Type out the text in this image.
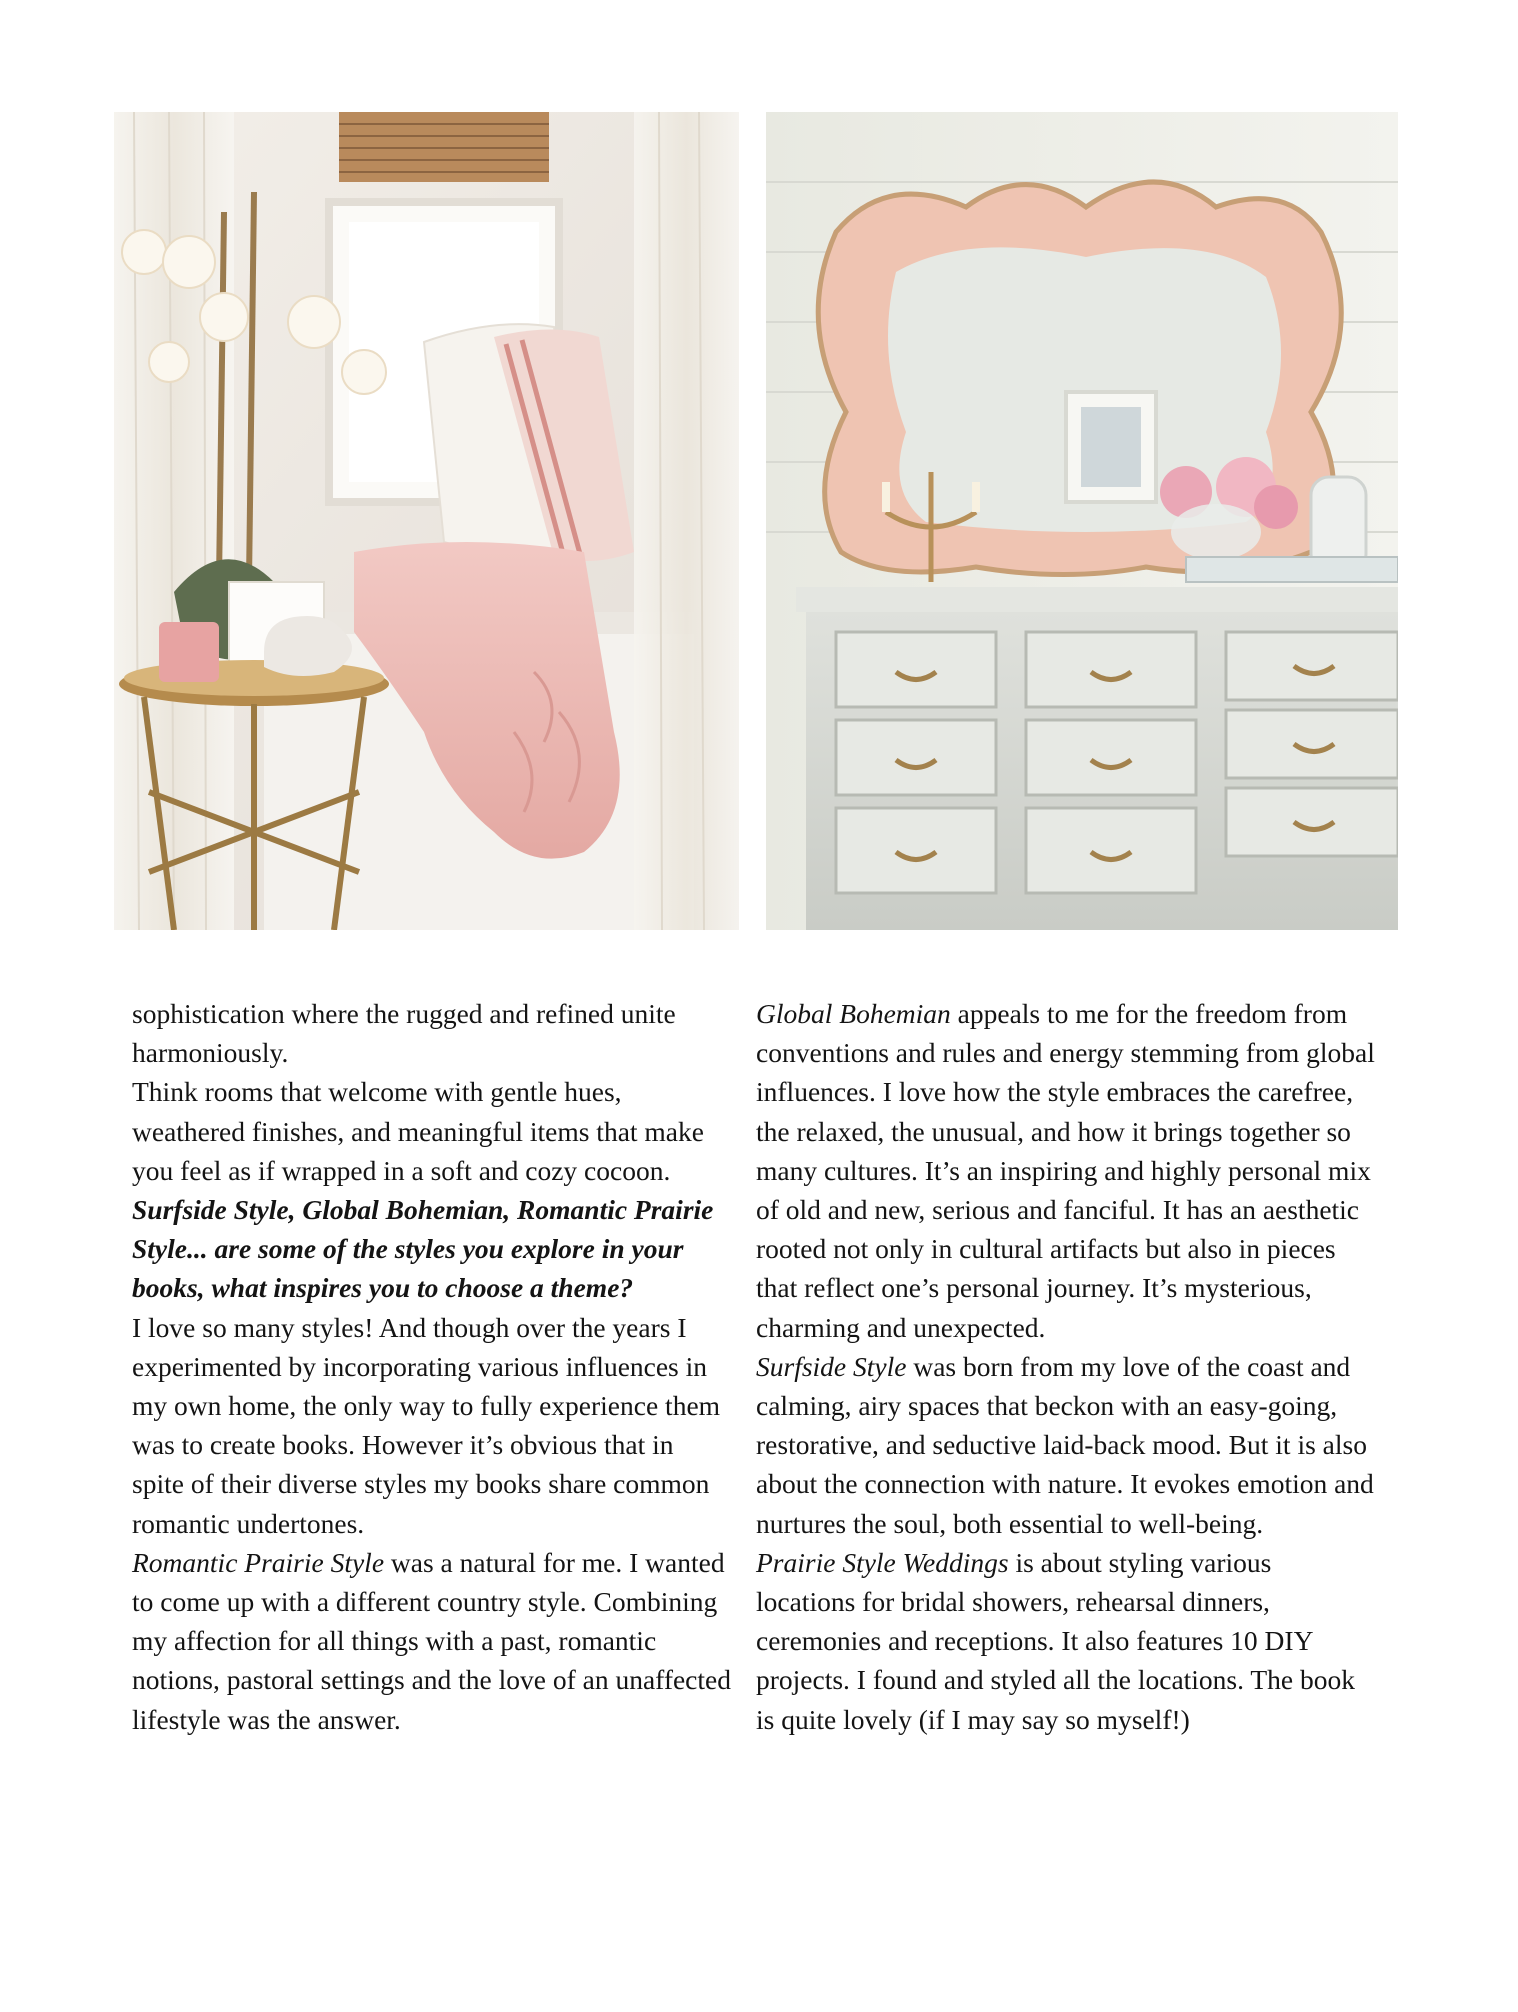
sophistication where the rugged and refined unite harmoniously.

Think rooms that welcome with gentle hues, weathered finishes, and meaningful items that make you feel as if wrapped in a soft and cozy cocoon.

Surfside Style, Global Bohemian, Romantic Prairie Style... are some of the styles you explore in your books, what inspires you to choose a theme?

I love so many styles! And though over the years I experimented by incorporating various influences in my own home, the only way to fully experience them was to create books. However it’s obvious that in spite of their diverse styles my books share common romantic undertones.

Romantic Prairie Style was a natural for me. I wanted to come up with a different country style. Combining my affection for all things with a past, romantic notions, pastoral settings and the love of an unaffected lifestyle was the answer.

Global Bohemian appeals to me for the freedom from conventions and rules and energy stemming from global influences. I love how the style embraces the carefree, the relaxed, the unusual, and how it brings together so many cultures. It’s an inspiring and highly personal mix of old and new, serious and fanciful. It has an aesthetic rooted not only in cultural artifacts but also in pieces that reflect one’s personal journey. It’s mysterious, charming and unexpected.

Surfside Style was born from my love of the coast and calming, airy spaces that beckon with an easy-going, restorative, and seductive laid-back mood. But it is also about the connection with nature. It evokes emotion and nurtures the soul, both essential to well-being.

Prairie Style Weddings is about styling various locations for bridal showers, rehearsal dinners, ceremonies and receptions. It also features 10 DIY projects. I found and styled all the locations. The book is quite lovely (if I may say so myself!)
